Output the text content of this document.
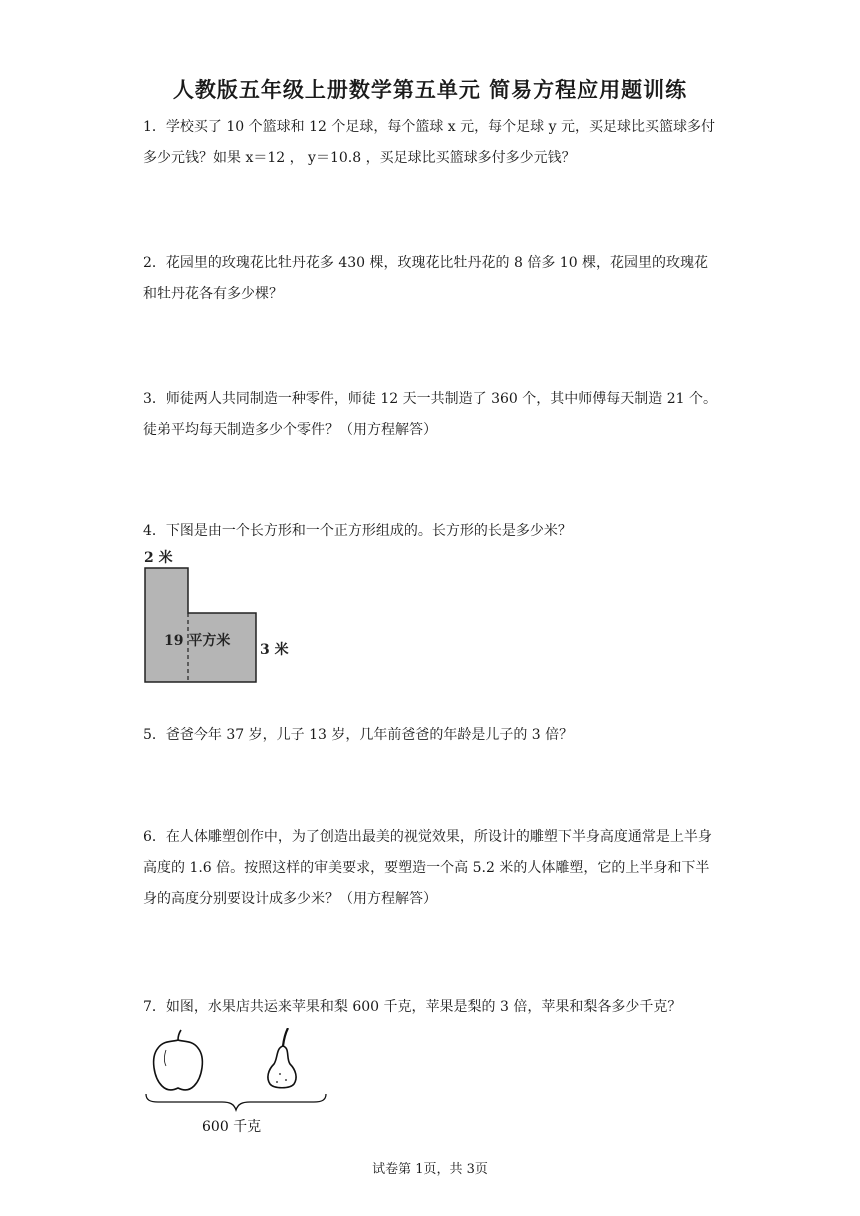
人教版五年级上册数学第五单元 简易方程应用题训练
1．学校买了 10 个篮球和 12 个足球，每个篮球 x 元，每个足球 y 元，买足球比买篮球多付多少元钱？如果 x＝12 ， y＝10.8 ，买足球比买篮球多付多少元钱？
2．花园里的玫瑰花比牡丹花多 430 棵，玫瑰花比牡丹花的 8 倍多 10 棵，花园里的玫瑰花和牡丹花各有多少棵？
3．师徒两人共同制造一种零件，师徒 12 天一共制造了 360 个，其中师傅每天制造 21 个。徒弟平均每天制造多少个零件？（用方程解答）
4．下图是由一个长方形和一个正方形组成的。长方形的长是多少米？
2 米
19 平方米
3 米
5．爸爸今年 37 岁，儿子 13 岁，几年前爸爸的年龄是儿子的 3 倍？
6．在人体雕塑创作中，为了创造出最美的视觉效果，所设计的雕塑下半身高度通常是上半身高度的 1.6 倍。按照这样的审美要求，要塑造一个高 5.2 米的人体雕塑，它的上半身和下半身的高度分别要设计成多少米？（用方程解答）
7．如图，水果店共运来苹果和梨 600 千克，苹果是梨的 3 倍，苹果和梨各多少千克？
600 千克
试卷第 1页，共 3页
